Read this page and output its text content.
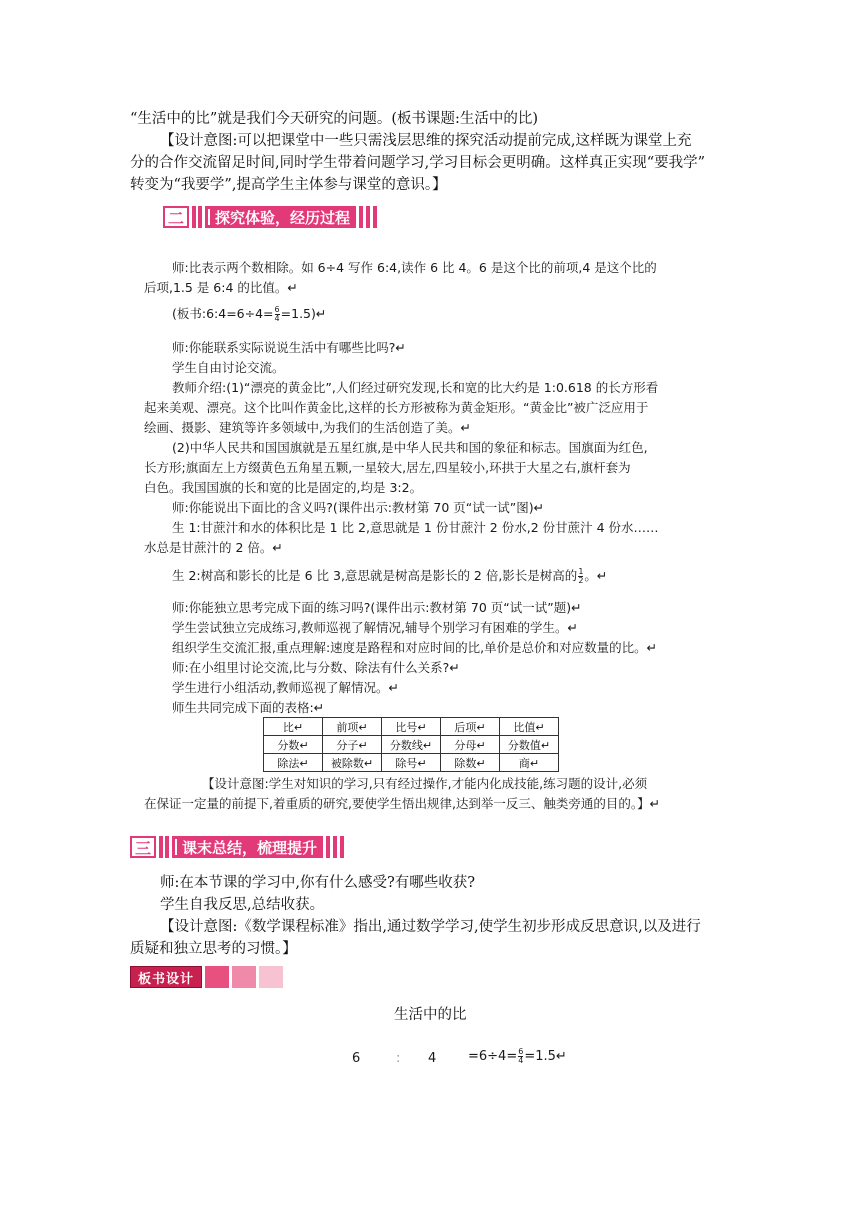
“生活中的比”就是我们今天研究的问题。(板书课题:生活中的比)
【设计意图:可以把课堂中一些只需浅层思维的探究活动提前完成,这样既为课堂上充
分的合作交流留足时间,同时学生带着问题学习,学习目标会更明确。这样真正实现“要我学”
转变为“我要学”,提高学生主体参与课堂的意识。】
二	探究体验，经历过程
师:比表示两个数相除。如 6÷4 写作 6:4,读作 6 比 4。6 是这个比的前项,4 是这个比的
后项,1.5 是 6:4 的比值。↵
(板书:6:4=6÷4= $\frac{6}{4}$ =1.5)↵
师:你能联系实际说说生活中有哪些比吗?↵
学生自由讨论交流。
教师介绍:(1)“漂亮的黄金比”,人们经过研究发现,长和宽的比大约是 1:0.618 的长方形看
起来美观、漂亮。这个比叫作黄金比,这样的长方形被称为黄金矩形。“黄金比”被广泛应用于
绘画、摄影、建筑等许多领域中,为我们的生活创造了美。↵
(2)中华人民共和国国旗就是五星红旗,是中华人民共和国的象征和标志。国旗面为红色,
长方形;旗面左上方缀黄色五角星五颗,一星较大,居左,四星较小,环拱于大星之右,旗杆套为
白色。我国国旗的长和宽的比是固定的,均是 3:2。
师:你能说出下面比的含义吗?(课件出示:教材第 70 页“试一试”图)↵
生 1:甘蔗汁和水的体积比是 1 比 2,意思就是 1 份甘蔗汁 2 份水,2 份甘蔗汁 4 份水……
水总是甘蔗汁的 2 倍。↵
生 2:树高和影长的比是 6 比 3,意思就是树高是影长的 2 倍,影长是树高的 $\frac{1}{2}$ 。↵
师:你能独立思考完成下面的练习吗?(课件出示:教材第 70 页“试一试”题)↵
学生尝试独立完成练习,教师巡视了解情况,辅导个别学习有困难的学生。↵
组织学生交流汇报,重点理解:速度是路程和对应时间的比,单价是总价和对应数量的比。↵
师:在小组里讨论交流,比与分数、除法有什么关系?↵
学生进行小组活动,教师巡视了解情况。↵
师生共同完成下面的表格:↵
比↵	前项↵	比号↵	后项↵	比值↵
分数↵	分子↵	分数线↵	分母↵	分数值↵
除法↵	被除数↵	除号↵	除数↵	商↵
【设计意图:学生对知识的学习,只有经过操作,才能内化成技能,练习题的设计,必须
在保证一定量的前提下,着重质的研究,要使学生悟出规律,达到举一反三、触类旁通的目的。】↵
三	课末总结，梳理提升
师:在本节课的学习中,你有什么感受?有哪些收获?
学生自我反思,总结收获。
【设计意图:《数学课程标准》指出,通过数学学习,使学生初步形成反思意识,以及进行
质疑和独立思考的习惯。】
板书设计
生活中的比
6	: $4 =6\div 4= \frac{6}{4}$ =1.5↵
